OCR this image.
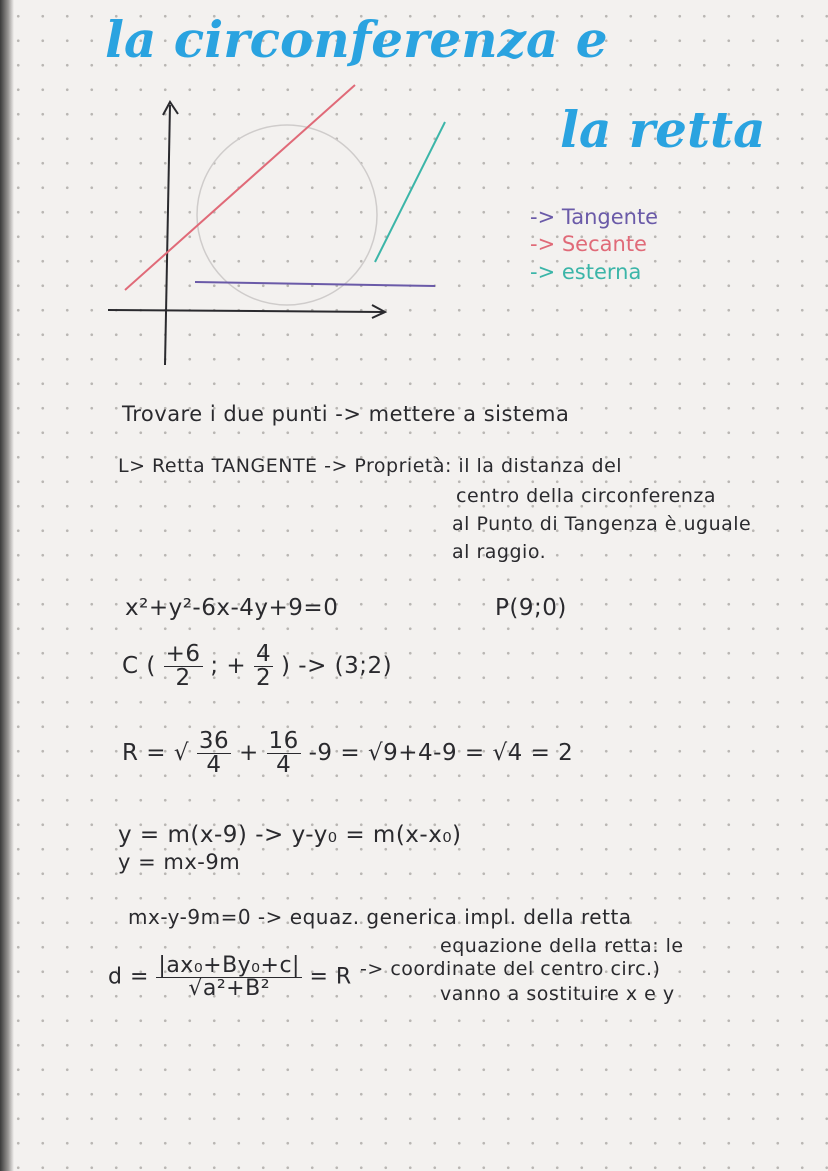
la circonferenza e
la retta
-> Tangente
-> Secante
-> esterna
Trovare i due punti -> mettere a sistema
L> Retta TANGENTE -> Proprietà: il la distanza del
centro della circonferenza
al Punto di Tangenza è uguale
al raggio.
x²+y²-6x-4y+9=0	P(9;0)
C ( $\frac{+6}{2}$ ; + $\frac{4}{2}$ ) -> (3;2)
R = √ $\frac{36}{4} + \frac{16}{4} -9 = √9+4-9 = √4 = 2$
y = m(x-9) -> y-y₀ = m(x-x₀)
y = mx-9m
mx-y-9m=0 -> equaz. generica impl. della retta
equazione della retta: le
$d = \frac{\text{|ax₀+By₀+c|}}{\text{√a²+B²}} = R$ -> coordinate del centro circ.)
vanno a sostituire x e y
